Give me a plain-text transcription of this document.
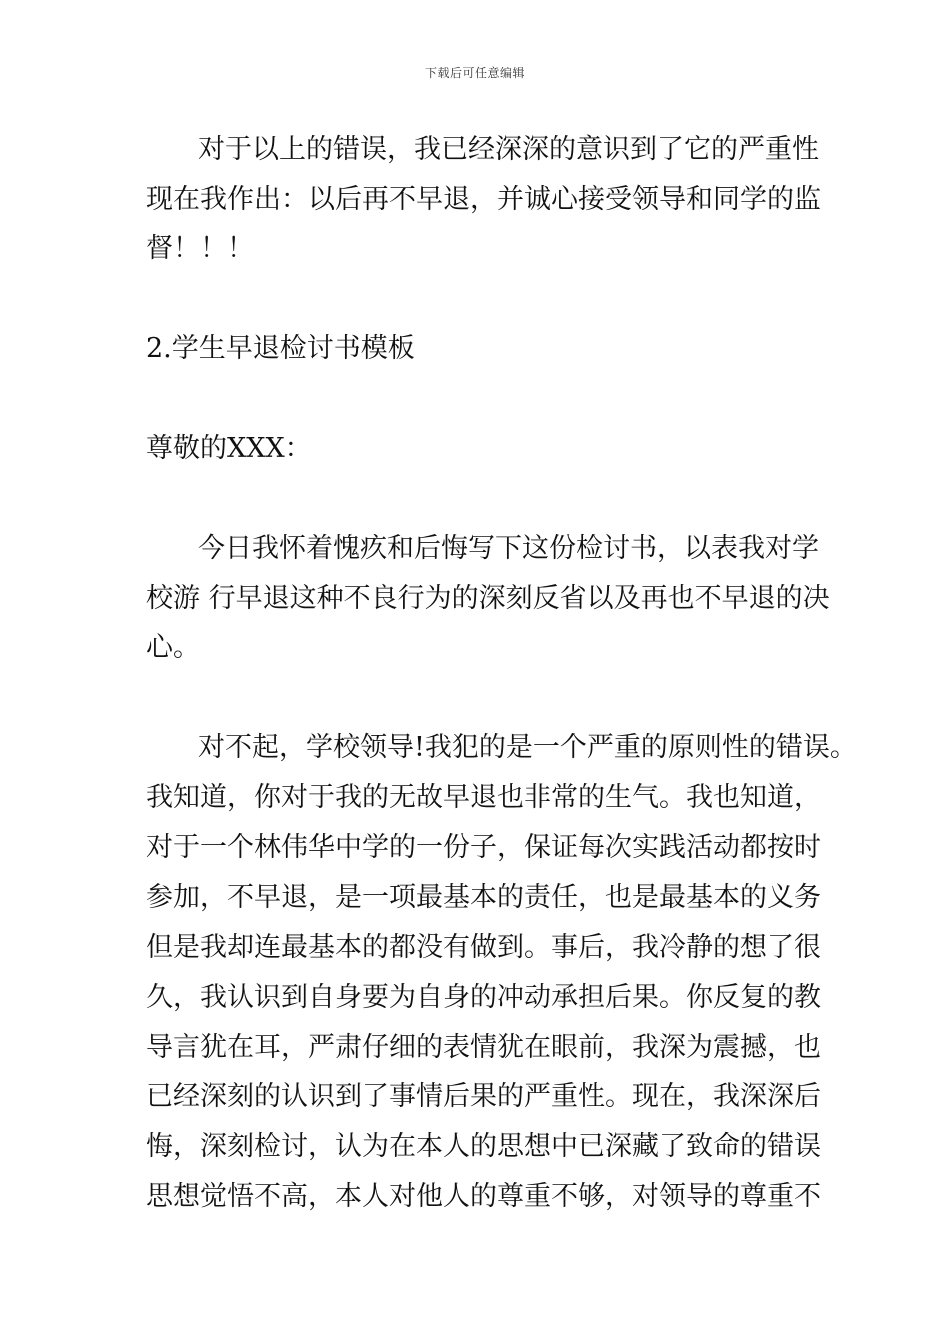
下载后可任意编辑
对于以上的错误，我已经深深的意识到了它的严重性
现在我作出：以后再不早退，并诚心接受领导和同学的监
督！！！
2.学生早退检讨书模板
尊敬的XXX：
今日我怀着愧疚和后悔写下这份检讨书，以表我对学
校游 行早退这种不良行为的深刻反省以及再也不早退的决
心。
对不起，学校领导!我犯的是一个严重的原则性的错误。
我知道，你对于我的无故早退也非常的生气。我也知道，
对于一个林伟华中学的一份子，保证每次实践活动都按时
参加，不早退，是一项最基本的责任，也是最基本的义务
但是我却连最基本的都没有做到。事后，我冷静的想了很
久，我认识到自身要为自身的冲动承担后果。你反复的教
导言犹在耳，严肃仔细的表情犹在眼前，我深为震撼，也
已经深刻的认识到了事情后果的严重性。现在，我深深后
悔，深刻检讨，认为在本人的思想中已深藏了致命的错误
思想觉悟不高，本人对他人的尊重不够，对领导的尊重不
